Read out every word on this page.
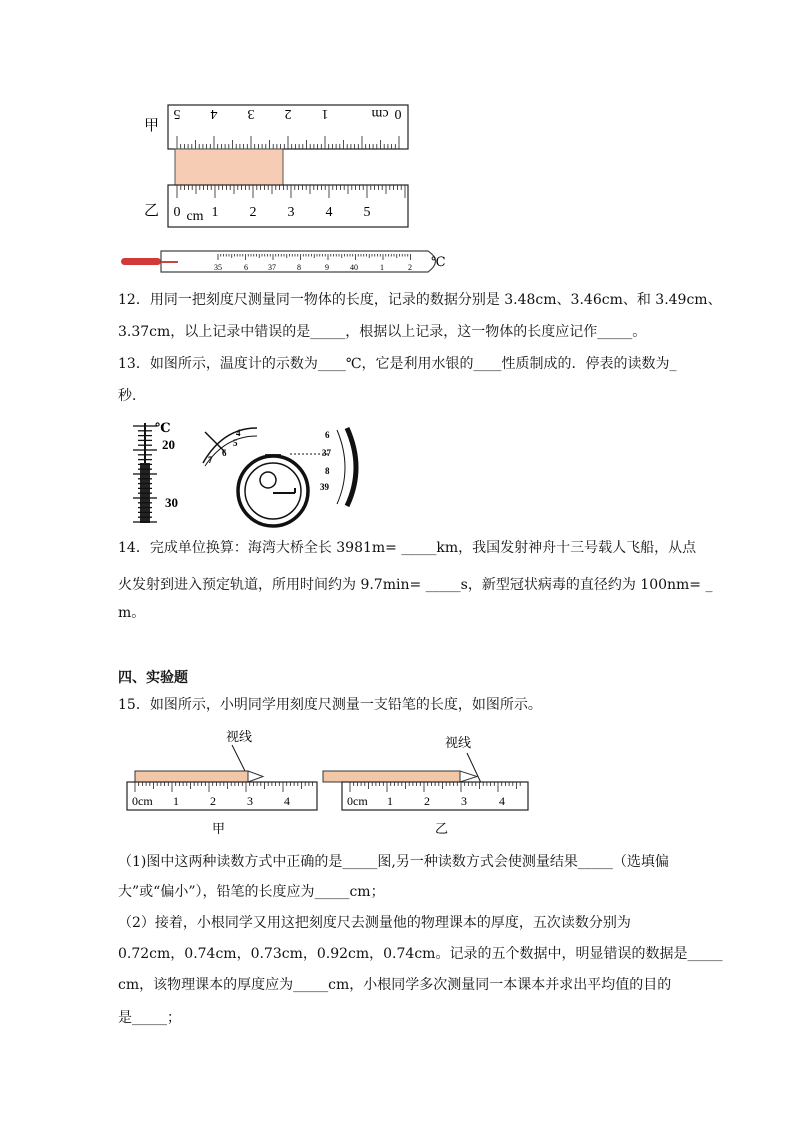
甲
乙
5 4 3 2 1	0
cm
0 cm 1 2 3 4 5
35	6	37	8	9	40	1	2 ℃
12．用同一把刻度尺测量同一物体的长度，记录的数据分别是 3.48cm、3.46cm、和 3.49cm、
3.37cm，以上记录中错误的是_____，根据以上记录，这一物体的长度应记作_____。
13．如图所示，温度计的示数为____℃，它是利用水银的____性质制成的．停表的读数为_
秒．
℃
20
30
4
5
6
7
6
37
8
39
14．完成单位换算：海湾大桥全长 3981m= _____km，我国发射神舟十三号载人飞船，从点
火发射到进入预定轨道，所用时间约为 9.7min= _____s，新型冠状病毒的直径约为 100nm= _
m。
四、实验题
15．如图所示，小明同学用刻度尺测量一支铅笔的长度，如图所示。
视线
0cm 1	2	3	4
甲
视线
0cm 1	2	3	4
乙
（1)图中这两种读数方式中正确的是_____图,另一种读数方式会使测量结果_____（选填偏
大”或“偏小”），铅笔的长度应为_____cm；
（2）接着，小根同学又用这把刻度尺去测量他的物理课本的厚度，五次读数分别为
0.72cm，0.74cm，0.73cm，0.92cm，0.74cm。记录的五个数据中，明显错误的数据是_____
cm，该物理课本的厚度应为_____cm，小根同学多次测量同一本课本并求出平均值的目的
是_____；
